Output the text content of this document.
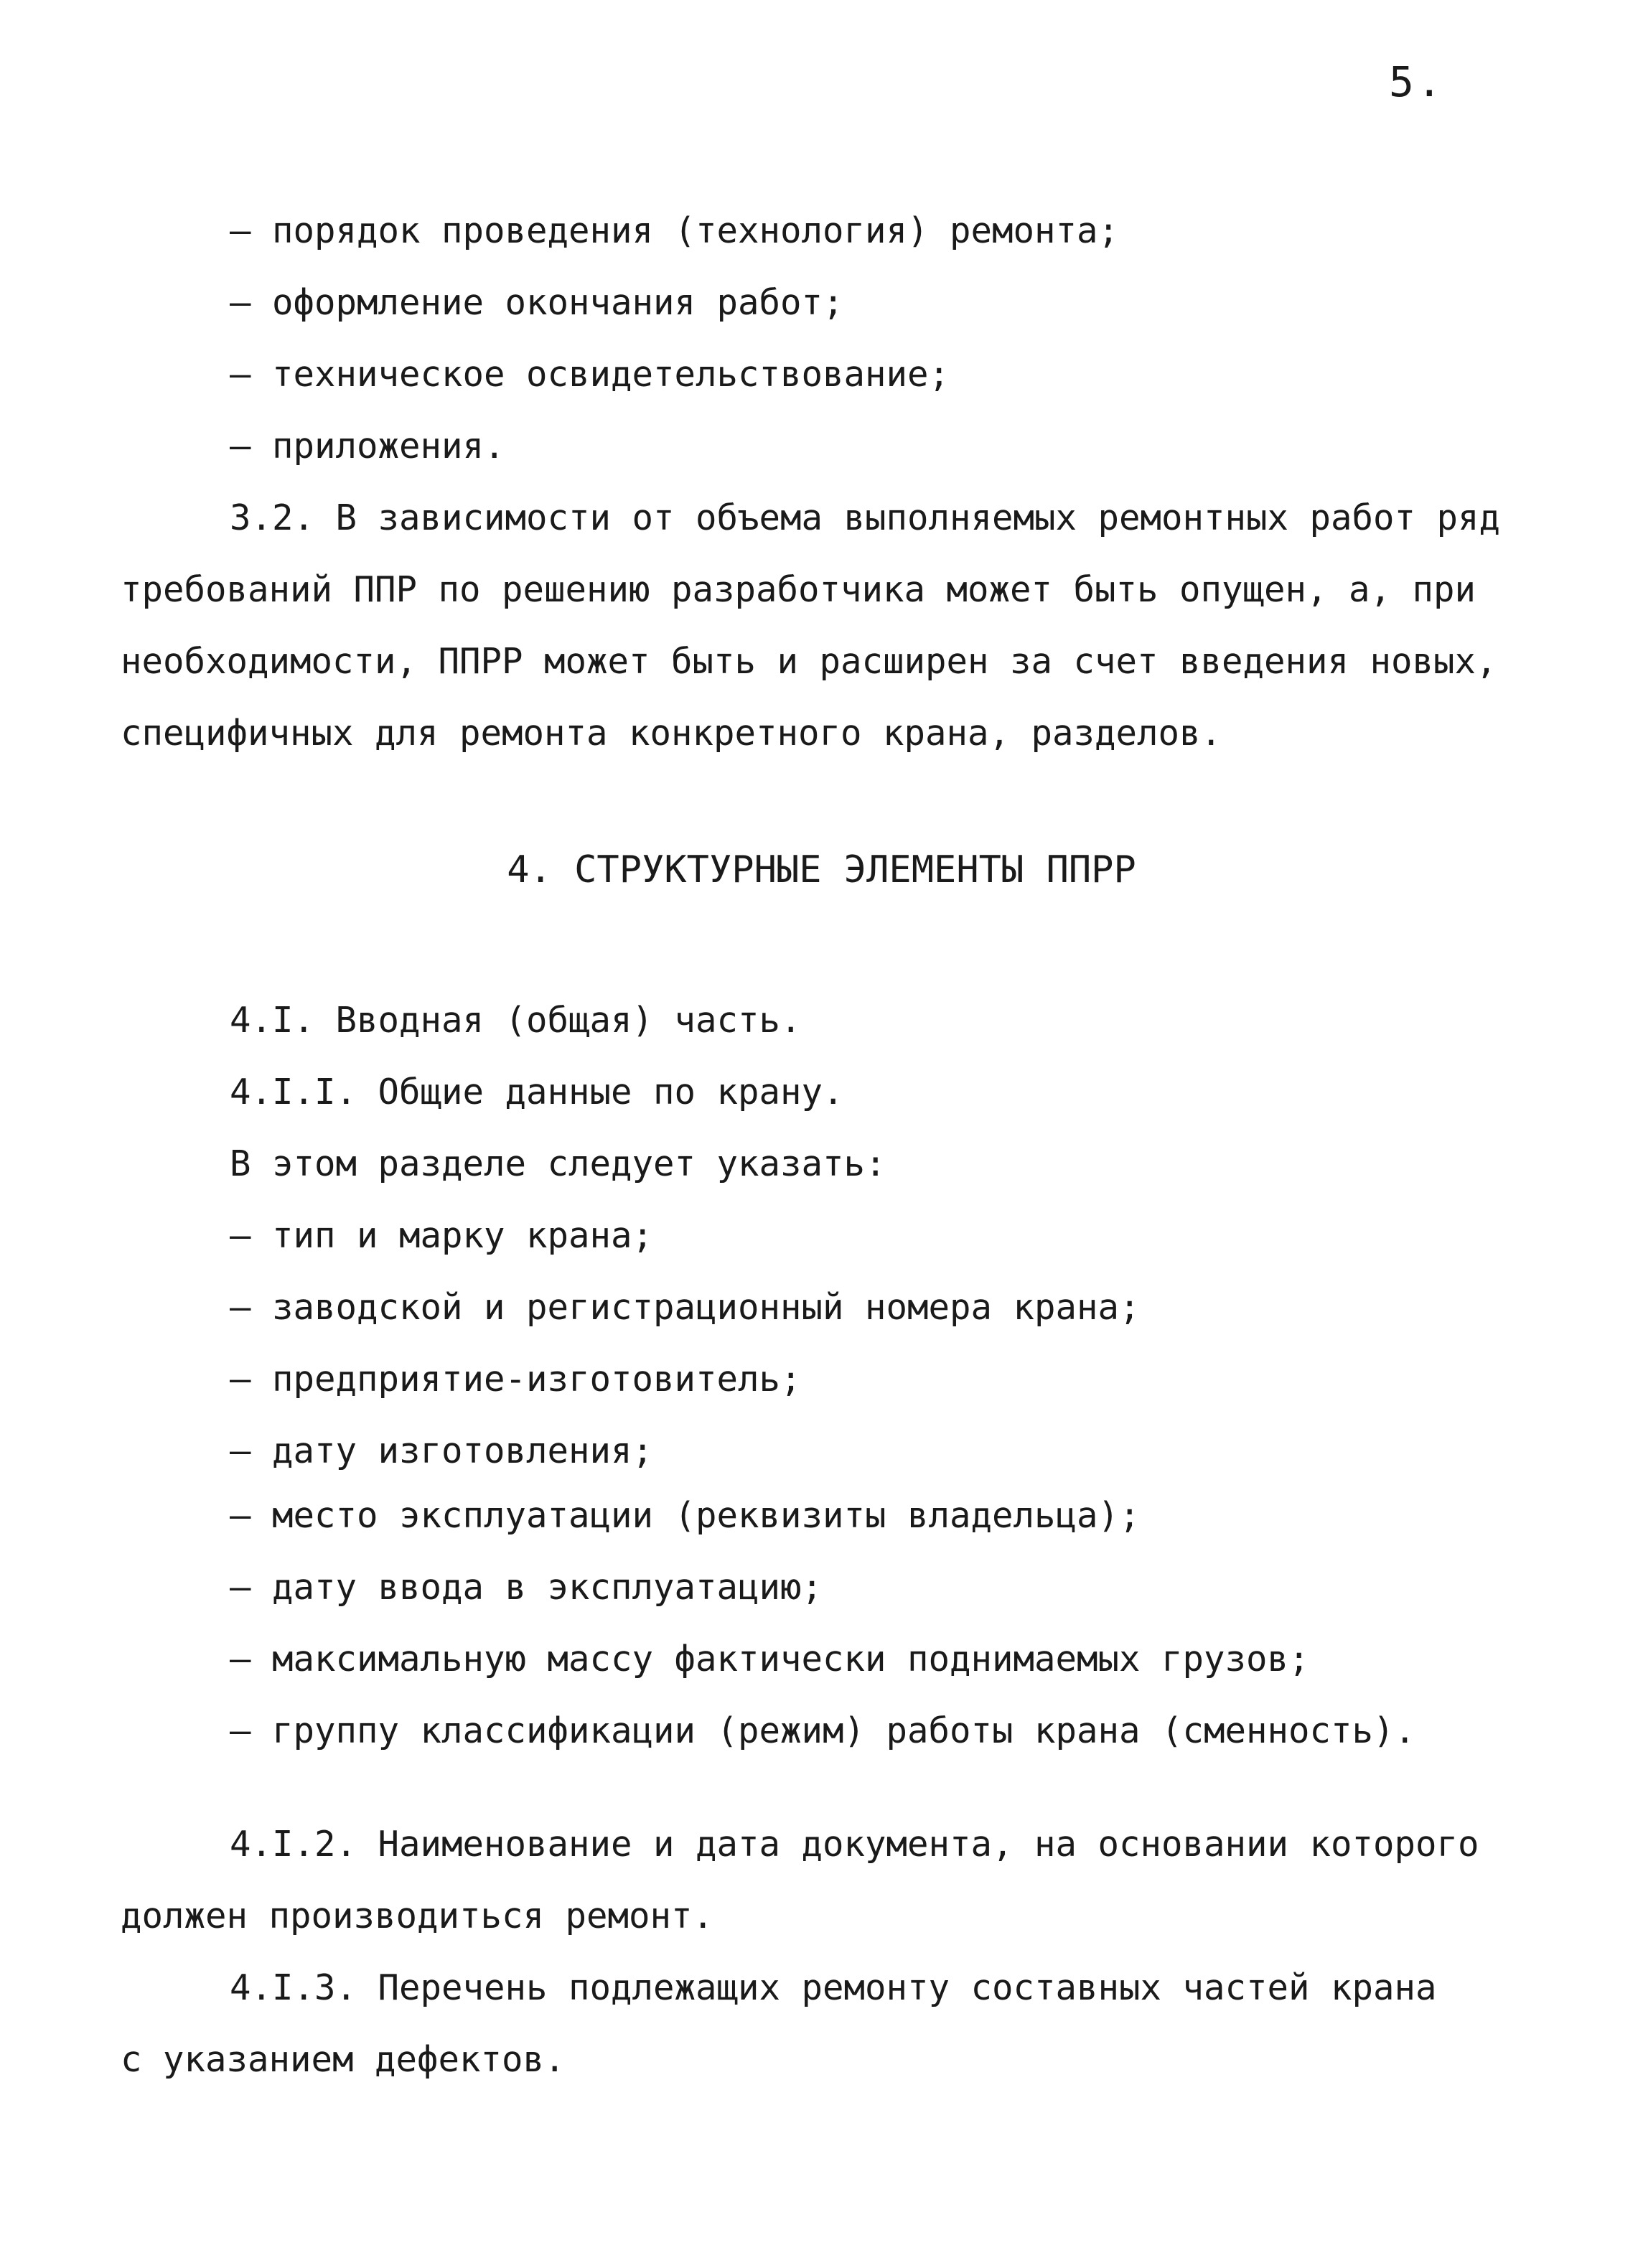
5.
– порядок проведения (технология) ремонта;
– оформление окончания работ;
– техническое освидетельствование;
– приложения.
3.2. В зависимости от объема выполняемых ремонтных работ ряд
требований ППР по решению разработчика может быть опущен, а, при
необходимости, ППРР может быть и расширен за счет введения новых,
специфичных для ремонта конкретного крана, разделов.
4. СТРУКТУРНЫЕ ЭЛЕМЕНТЫ ППРР
4.I. Вводная (общая) часть.
4.I.I. Общие данные по крану.
В этом разделе следует указать:
– тип и марку крана;
– заводской и регистрационный номера крана;
– предприятие-изготовитель;
– дату изготовления;
– место эксплуатации (реквизиты владельца);
– дату ввода в эксплуатацию;
– максимальную массу фактически поднимаемых грузов;
– группу классификации (режим) работы крана (сменность).
4.I.2. Наименование и дата документа, на основании которого
должен производиться ремонт.
4.I.3. Перечень подлежащих ремонту составных частей крана
с указанием дефектов.
